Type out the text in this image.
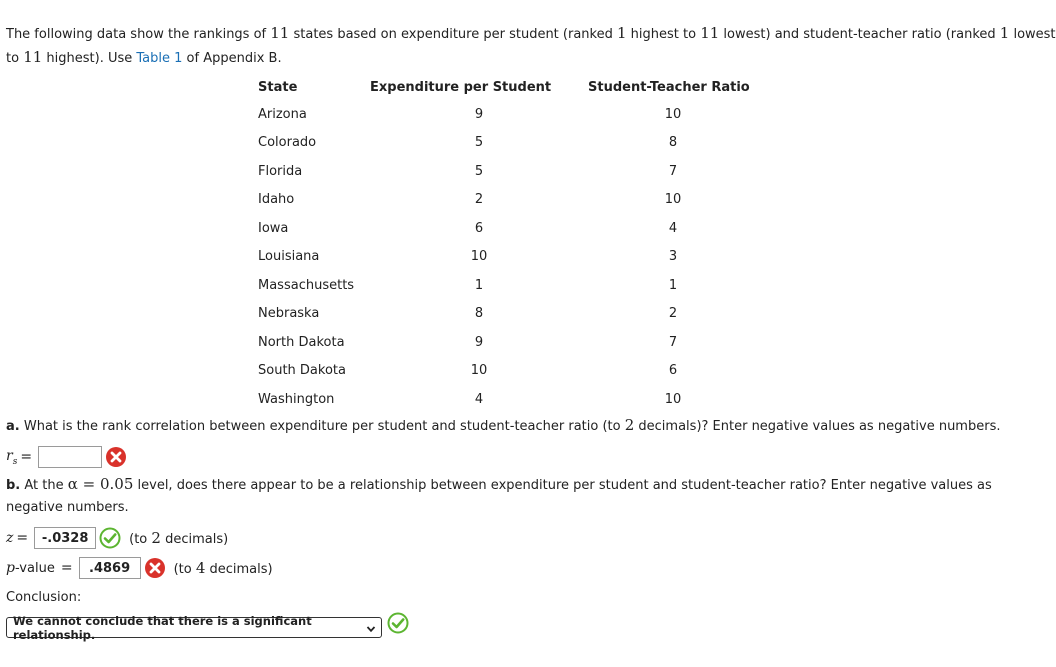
The following data show the rankings of 11 states based on expenditure per student (ranked 1 highest to 11 lowest) and student-teacher ratio (ranked 1 lowest
to 11 highest). Use Table 1 of Appendix B.
State	Expenditure per Student	Student-Teacher Ratio
Arizona	9	10
Colorado	5	8
Florida	5	7
Idaho	2	10
Iowa	6	4
Louisiana	10	3
Massachusetts	1	1
Nebraska	8	2
North Dakota	9	7
South Dakota	10	6
Washington	4	10
a. What is the rank correlation between expenditure per student and student-teacher ratio (to 2 decimals)? Enter negative values as negative numbers.
$r_s$ =
b. At the α = 0.05 level, does there appear to be a relationship between expenditure per student and student-teacher ratio? Enter negative values as negative numbers.
z =	-.0328	(to 2 decimals)
p-value =	.4869	(to 4 decimals)
Conclusion:
We cannot conclude that there is a significant relationship.
